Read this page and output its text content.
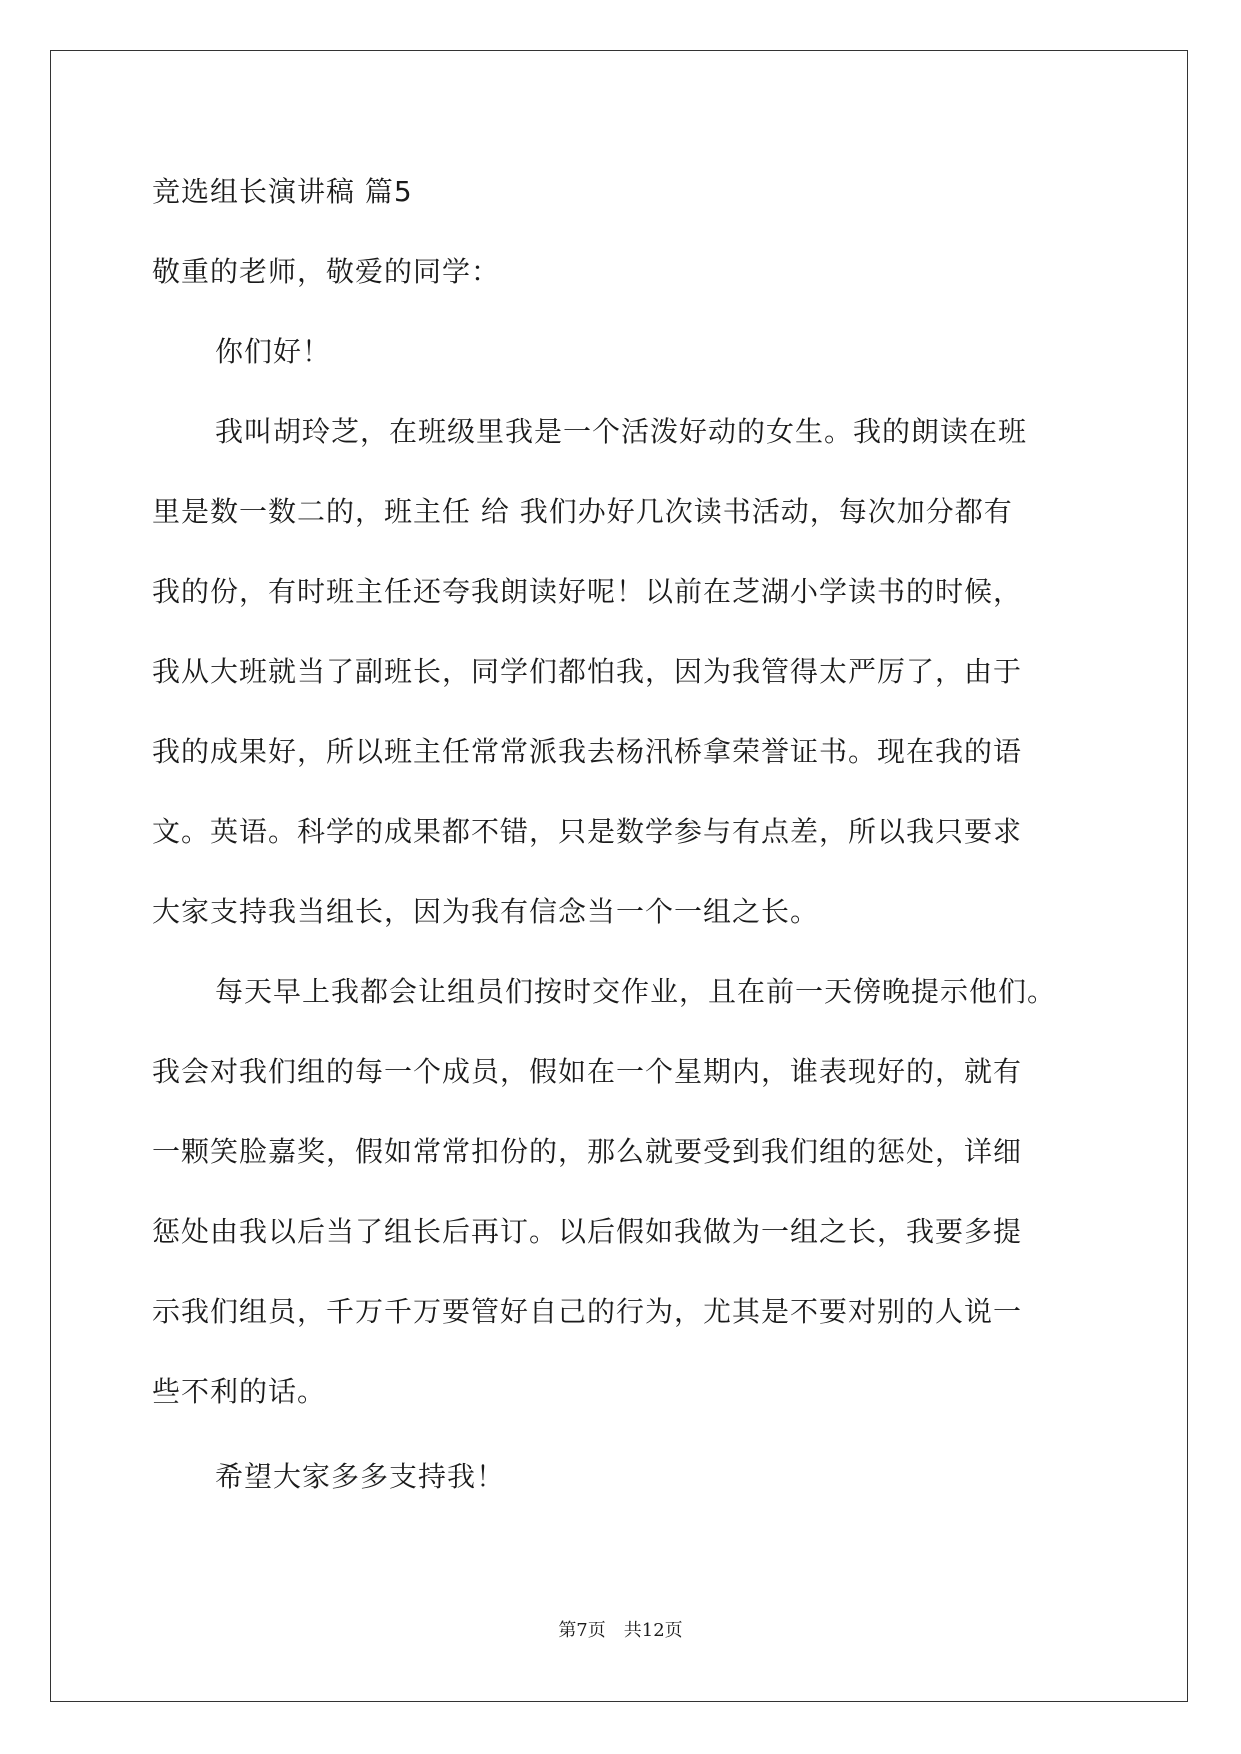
竞选组长演讲稿 篇5
敬重的老师，敬爱的同学：
你们好！
我叫胡玲芝，在班级里我是一个活泼好动的女生。我的朗读在班
里是数一数二的，班主任 给 我们办好几次读书活动，每次加分都有
我的份，有时班主任还夸我朗读好呢！以前在芝湖小学读书的时候，
我从大班就当了副班长，同学们都怕我，因为我管得太严厉了，由于
我的成果好，所以班主任常常派我去杨汛桥拿荣誉证书。现在我的语
文。英语。科学的成果都不错，只是数学参与有点差，所以我只要求
大家支持我当组长，因为我有信念当一个一组之长。
每天早上我都会让组员们按时交作业，且在前一天傍晚提示他们。
我会对我们组的每一个成员，假如在一个星期内，谁表现好的，就有
一颗笑脸嘉奖，假如常常扣份的，那么就要受到我们组的惩处，详细
惩处由我以后当了组长后再订。以后假如我做为一组之长，我要多提
示我们组员，千万千万要管好自己的行为，尤其是不要对别的人说一
些不利的话。
希望大家多多支持我！
第7页 共12页
